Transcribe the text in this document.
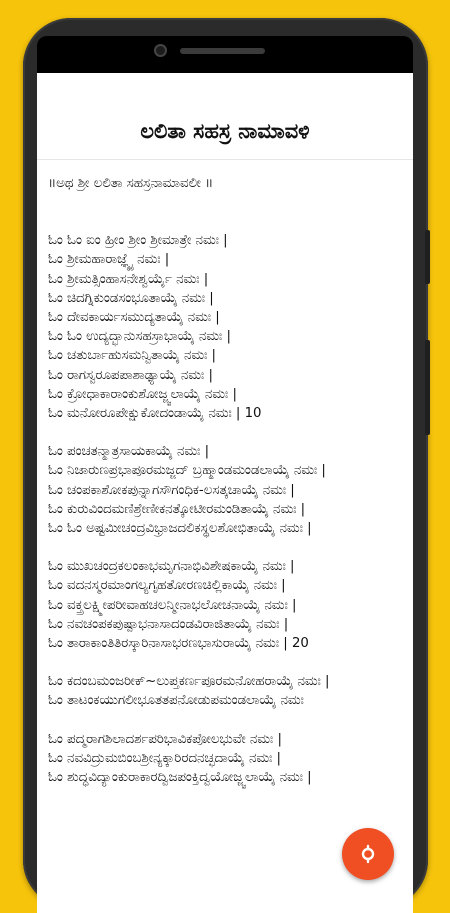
ಲಲಿತಾ ಸಹಸ್ರ ನಾಮಾವಳಿ
॥ಅಥ ಶ್ರೀ ಲಲಿತಾ ಸಹಸ್ರನಾಮಾವಲೀ ॥
ಓಂ ಓಂ ಐಂ ಹ್ರೀಂ ಶ್ರೀಂ ಶ್ರೀಮಾತ್ರೇ ನಮಃ |
ಓಂ ಶ್ರೀಮಹಾರಾಜ್ಞ್ಯೈ ನಮಃ |
ಓಂ ಶ್ರೀಮತ್ಸಿಂಹಾಸನೇಶ್ವರ್ಯೈ ನಮಃ |
ಓಂ ಚಿದಗ್ನಿಕುಂಡಸಂಭೂತಾಯೈ ನಮಃ |
ಓಂ ದೇವಕಾರ್ಯಸಮುದ್ಯತಾಯೈ ನಮಃ |
ಓಂ ಓಂ ಉದ್ಯದ್ಭಾನುಸಹಸ್ರಾಭಾಯೈ ನಮಃ |
ಓಂ ಚತುರ್ಬಾಹುಸಮನ್ವಿತಾಯೈ ನಮಃ |
ಓಂ ರಾಗಸ್ವರೂಪಪಾಶಾಢ್ಯಾಯೈ ನಮಃ |
ಓಂ ಕ್ರೋಧಾಕಾರಾಂಕುಶೋಜ್ಜ್ವಲಾಯೈ ನಮಃ |
ಓಂ ಮನೋರೂಪೇಕ್ಷುಕೋದಂಡಾಯೈ ನಮಃ | 10
ಓಂ ಪಂಚತನ್ಮಾತ್ರಸಾಯಕಾಯೈ ನಮಃ |
ಓಂ ನಿಜಾರುಣಪ್ರಭಾಪೂರಮಜ್ಜದ್ ಬ್ರಹ್ಮಾಂಡಮಂಡಲಾಯೈ ನಮಃ |
ಓಂ ಚಂಪಕಾಶೋಕಪುನ್ನಾಗಸೌಗಂಧಿಕ-ಲಸತ್ಕಚಾಯೈ ನಮಃ |
ಓಂ ಕುರುವಿಂದಮಣಿಶ್ರೇಣೀಕನತ್ಕೋಟೀರಮಂಡಿತಾಯೈ ನಮಃ |
ಓಂ ಓಂ ಅಷ್ಟಮೀಚಂದ್ರವಿಭ್ರಾಜದಲಿಕಸ್ಥಲಶೋಭಿತಾಯೈ ನಮಃ |
ಓಂ ಮುಖಚಂದ್ರಕಲಂಕಾಭಮೃಗನಾಭಿವಿಶೇಷಕಾಯೈ ನಮಃ |
ಓಂ ವದನಸ್ಮರಮಾಂಗಲ್ಯಗೃಹತೋರಣಚಿಲ್ಲಿಕಾಯೈ ನಮಃ |
ಓಂ ವಕ್ತ್ರಲಕ್ಷ್ಮೀಪರೀವಾಹಚಲನ್ಮೀನಾಭಲೋಚನಾಯೈ ನಮಃ |
ಓಂ ನವಚಂಪಕಪುಷ್ಪಾಭನಾಸಾದಂಡವಿರಾಜಿತಾಯೈ ನಮಃ |
ಓಂ ತಾರಾಕಾಂತಿತಿರಸ್ಕಾರಿನಾಸಾಭರಣಭಾಸುರಾಯೈ ನಮಃ | 20
ಓಂ ಕದಂಬಮಂಜರೀಕ್~ಲುಪ್ತಕರ್ಣಪೂರಮನೋಹರಾಯೈ ನಮಃ |
ಓಂ ತಾಟಂಕಯುಗಲೀಭೂತತಪನೋಡುಪಮಂಡಲಾಯೈ ನಮಃ
ಓಂ ಪದ್ಮರಾಗಶಿಲಾದರ್ಶಪರಿಭಾವಿಕಪೋಲಭುವೇ ನಮಃ |
ಓಂ ನವವಿದ್ರುಮಬಿಂಬಶ್ರೀನ್ಯಕ್ಕಾರಿರದನಚ್ಛದಾಯೈ ನಮಃ |
ಓಂ ಶುದ್ಧವಿದ್ಯಾಂಕುರಾಕಾರದ್ವಿಜಪಂಕ್ತಿದ್ವಯೋಜ್ಜ್ವಲಾಯೈ ನಮಃ |
